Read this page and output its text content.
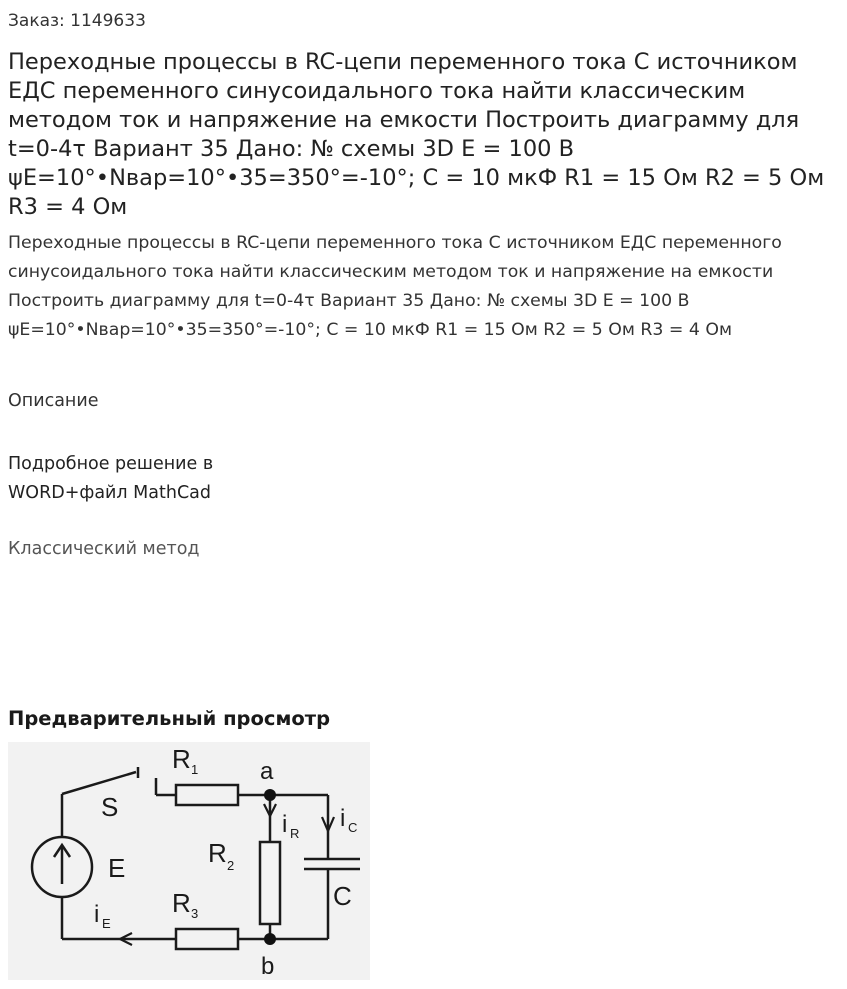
Заказ: 1149633
Переходные процессы в RC-цепи переменного тока С источником ЕДС переменного синусоидального тока найти классическим методом ток и напряжение на емкости Построить диаграмму для t=0-4τ Вариант 35 Дано: № схемы 3D E = 100 В ψE=10°•Nвар=10°•35=350°=-10°; С = 10 мкФ R1 = 15 Ом R2 = 5 Ом R3 = 4 Ом

Переходные процессы в RC-цепи переменного тока С источником ЕДС переменного синусоидального тока найти классическим методом ток и напряжение на емкости Построить диаграмму для t=0-4τ Вариант 35 Дано: № схемы 3D E = 100 В ψE=10°•Nвар=10°•35=350°=-10°; С = 10 мкФ R1 = 15 Ом R2 = 5 Ом R3 = 4 Ом

Описание

Подробное решение в WORD+файл MathCad

Классический метод
Предварительный просмотр
R 1	a
S
i R
i C
R 2
E
C
R 3
i E
b
